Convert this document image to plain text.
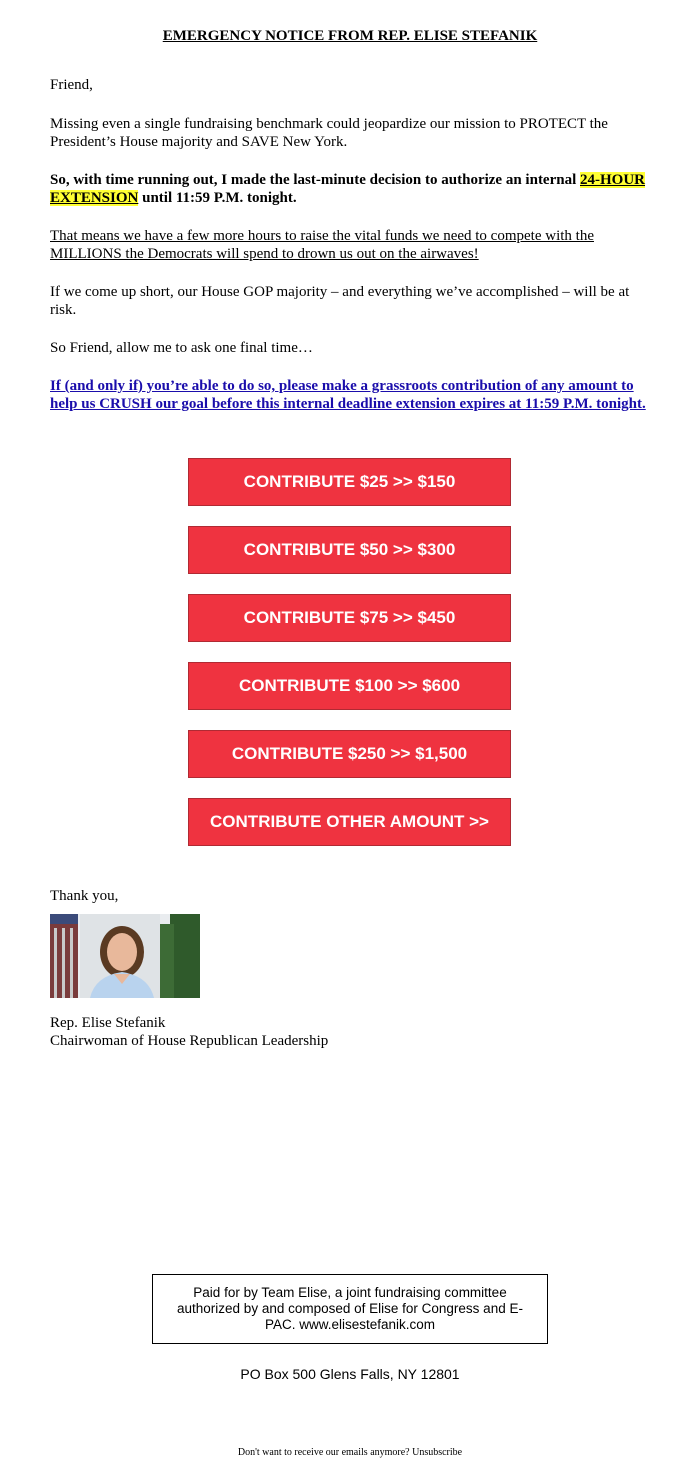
EMERGENCY NOTICE FROM REP. ELISE STEFANIK

Friend,

Missing even a single fundraising benchmark could jeopardize our mission to PROTECT the President’s House majority and SAVE New York.

So, with time running out, I made the last-minute decision to authorize an internal 24-HOUR EXTENSION until 11:59 P.M. tonight.

That means we have a few more hours to raise the vital funds we need to compete with the MILLIONS the Democrats will spend to drown us out on the airwaves!

If we come up short, our House GOP majority – and everything we’ve accomplished – will be at risk.

So Friend, allow me to ask one final time…

If (and only if) you’re able to do so, please make a grassroots contribution of any amount to help us CRUSH our goal before this internal deadline extension expires at 11:59 P.M. tonight.

CONTRIBUTE $25 >> $150
CONTRIBUTE $50 >> $300
CONTRIBUTE $75 >> $450
CONTRIBUTE $100 >> $600
CONTRIBUTE $250 >> $1,500
CONTRIBUTE OTHER AMOUNT >>

Thank you,

Rep. Elise Stefanik

Chairwoman of House Republican Leadership

Paid for by Team Elise, a joint fundraising committee authorized by and composed of Elise for Congress and E-PAC. www.elisestefanik.com
PO Box 500 Glens Falls, NY 12801
Don't want to receive our emails anymore? Unsubscribe
